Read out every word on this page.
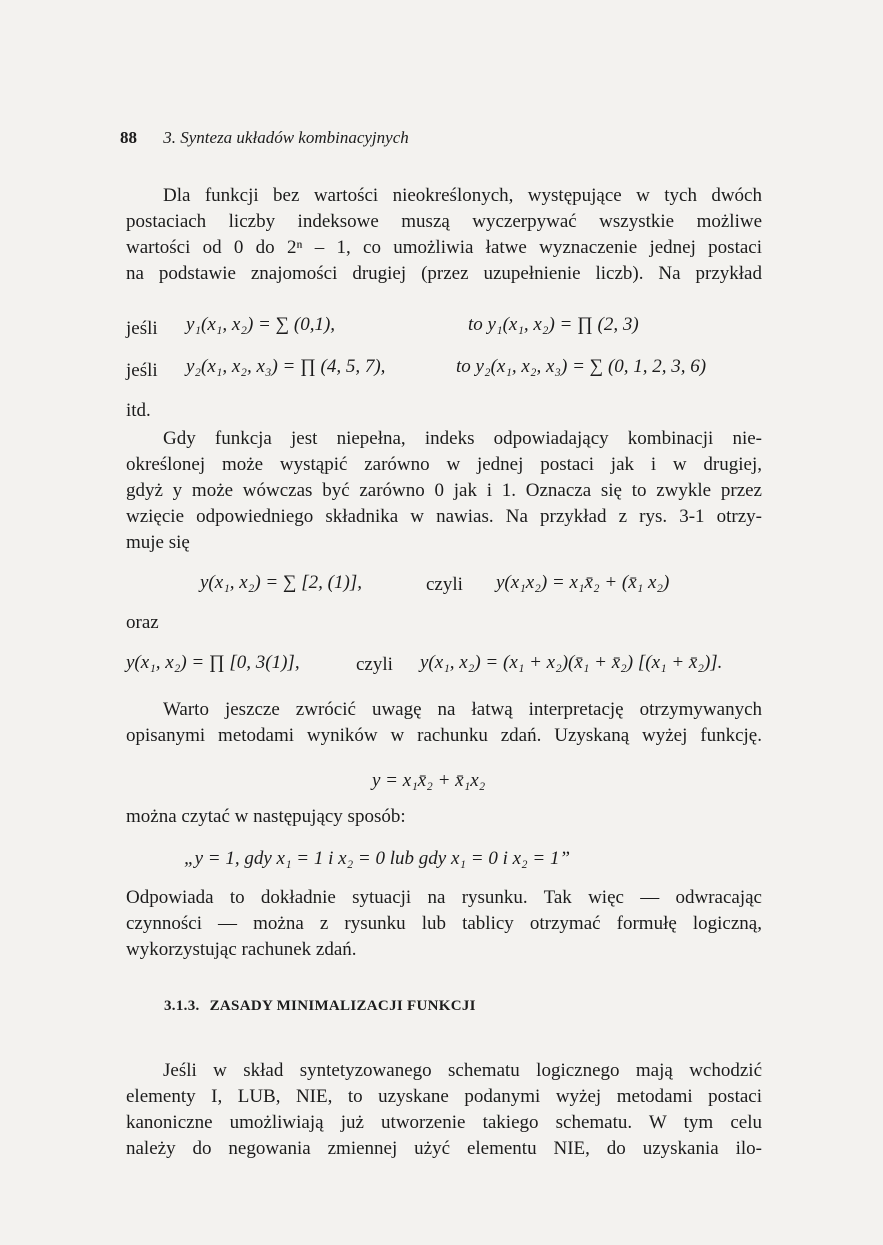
88 3. Synteza układów kombinacyjnych
Dla funkcji bez wartości nieokreślonych, występujące w tych dwóch
postaciach liczby indeksowe muszą wyczerpywać wszystkie możliwe
wartości od 0 do 2ⁿ – 1, co umożliwia łatwe wyznaczenie jednej postaci
na podstawie znajomości drugiej (przez uzupełnienie liczb). Na przykład
jeśli y₁(x₁, x₂) = ∑ (0,1),	to y₁(x₁, x₂) = ∏ (2, 3)
jeśli y₂(x₁, x₂, x₃) = ∏ (4, 5, 7),	to y₂(x₁, x₂, x₃) = ∑ (0, 1, 2, 3, 6)
itd.
Gdy funkcja jest niepełna, indeks odpowiadający kombinacji nie-
określonej może wystąpić zarówno w jednej postaci jak i w drugiej,
gdyż y może wówczas być zarówno 0 jak i 1. Oznacza się to zwykle przez
wzięcie odpowiedniego składnika w nawias. Na przykład z rys. 3-1 otrzy-
muje się
y(x₁, x₂) = ∑ [2, (1)],	czyli y(x₁x₂) = x₁x̄₂ + (x̄₁ x₂)
oraz
y(x₁, x₂) = ∏ [0, 3(1)],	czyli y(x₁, x₂) = (x₁ + x₂)(x̄₁ + x̄₂) [(x₁ + x̄₂)].
Warto jeszcze zwrócić uwagę na łatwą interpretację otrzymywanych
opisanymi metodami wyników w rachunku zdań. Uzyskaną wyżej funkcję.
y = x₁x̄₂ + x̄₁x₂
można czytać w następujący sposób:
„y = 1, gdy x₁ = 1 i x₂ = 0 lub gdy x₁ = 0 i x₂ = 1”
Odpowiada to dokładnie sytuacji na rysunku. Tak więc — odwracając
czynności — można z rysunku lub tablicy otrzymać formułę logiczną,
wykorzystując rachunek zdań.
3.1.3. ZASADY MINIMALIZACJI FUNKCJI
Jeśli w skład syntetyzowanego schematu logicznego mają wchodzić
elementy I, LUB, NIE, to uzyskane podanymi wyżej metodami postaci
kanoniczne umożliwiają już utworzenie takiego schematu. W tym celu
należy do negowania zmiennej użyć elementu NIE, do uzyskania ilo-
